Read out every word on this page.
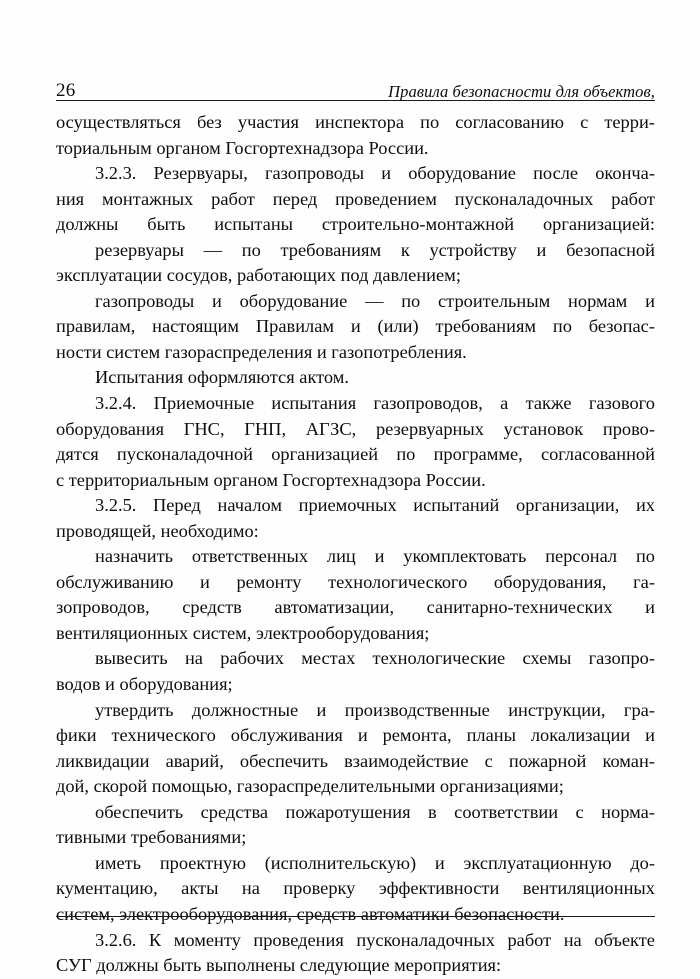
26	Правила безопасности для объектов,
осуществляться без участия инспектора по согласованию с терри-
ториальным органом Госгортехнадзора России.
3.2.3. Резервуары, газопроводы и оборудование после оконча-
ния монтажных работ перед проведением пусконаладочных работ
должны быть испытаны строительно-монтажной организацией:
резервуары — по требованиям к устройству и безопасной
эксплуатации сосудов, работающих под давлением;
газопроводы и оборудование — по строительным нормам и
правилам, настоящим Правилам и (или) требованиям по безопас-
ности систем газораспределения и газопотребления.
Испытания оформляются актом.
3.2.4. Приемочные испытания газопроводов, а также газового
оборудования ГНС, ГНП, АГЗС, резервуарных установок прово-
дятся пусконаладочной организацией по программе, согласованной
с территориальным органом Госгортехнадзора России.
3.2.5. Перед началом приемочных испытаний организации, их
проводящей, необходимо:
назначить ответственных лиц и укомплектовать персонал по
обслуживанию и ремонту технологического оборудования, га-
зопроводов, средств автоматизации, санитарно-технических и
вентиляционных систем, электрооборудования;
вывесить на рабочих местах технологические схемы газопро-
водов и оборудования;
утвердить должностные и производственные инструкции, гра-
фики технического обслуживания и ремонта, планы локализации и
ликвидации аварий, обеспечить взаимодействие с пожарной коман-
дой, скорой помощью, газораспределительными организациями;
обеспечить средства пожаротушения в соответствии с норма-
тивными требованиями;
иметь проектную (исполнительскую) и эксплуатационную до-
кументацию, акты на проверку эффективности вентиляционных
систем, электрооборудования, средств автоматики безопасности.
3.2.6. К моменту проведения пусконаладочных работ на объекте
СУГ должны быть выполнены следующие мероприятия:
